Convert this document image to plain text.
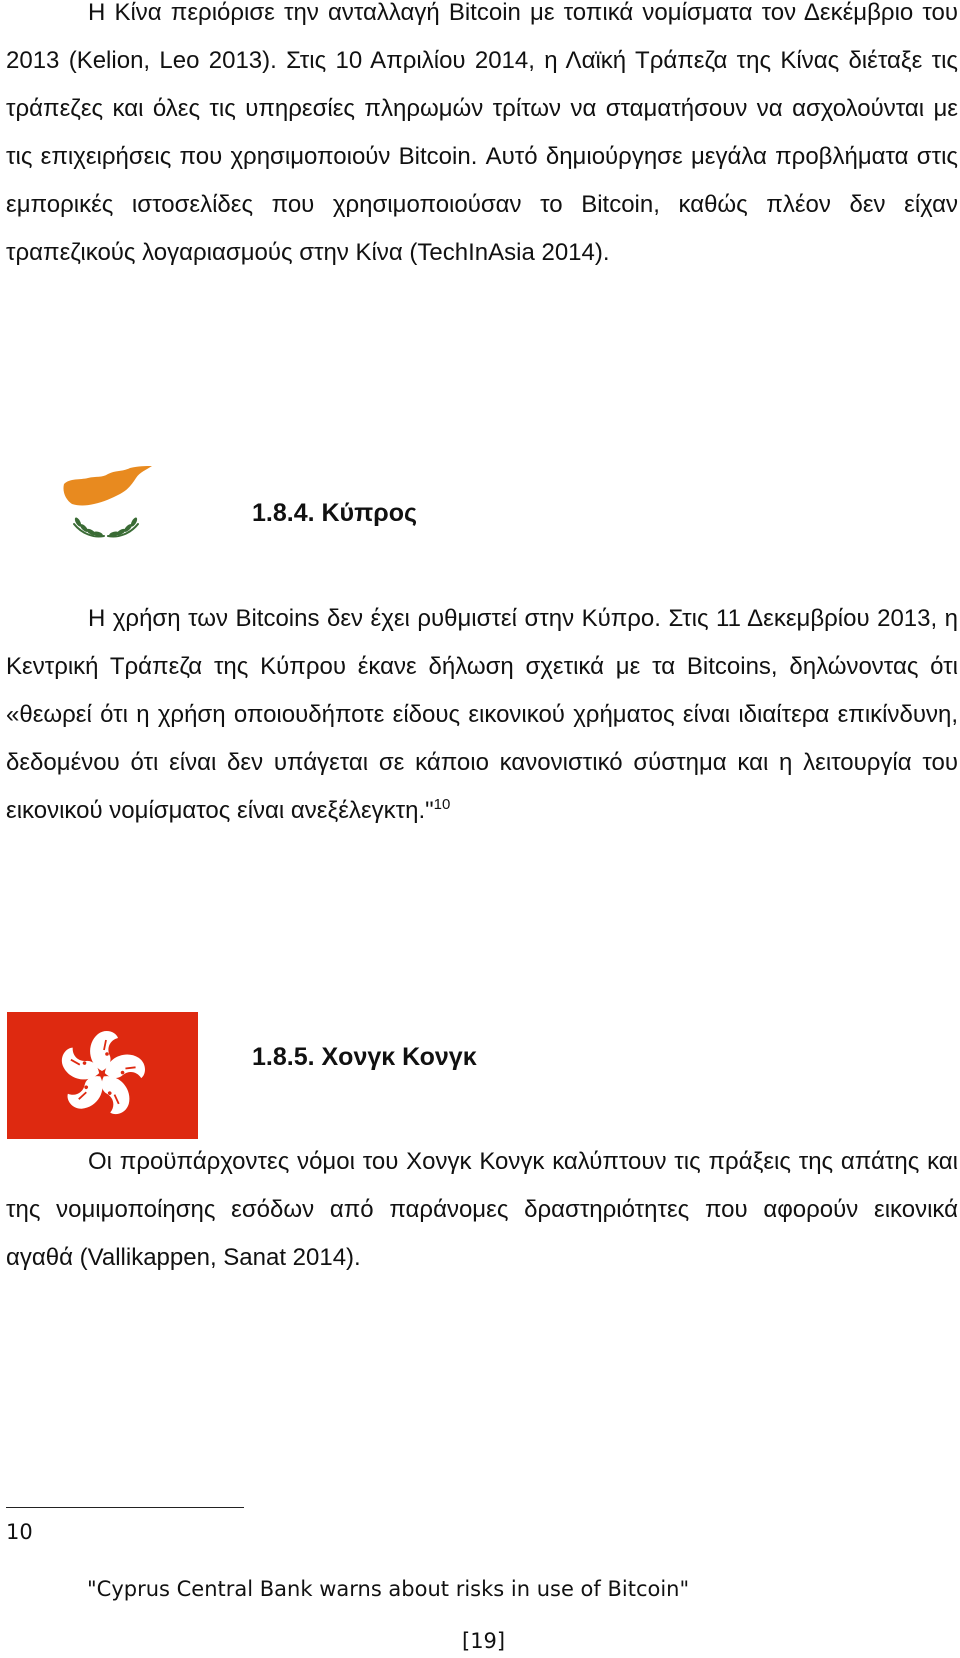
Η Κίνα περιόρισε την ανταλλαγή Bitcoin με τοπικά νομίσματα τον Δεκέμβριο του 2013 (Kelion, Leo 2013). Στις 10 Απριλίου 2014, η Λαϊκή Τράπεζα της Κίνας διέταξε τις τράπεζες και όλες τις υπηρεσίες πληρωμών τρίτων να σταματήσουν να ασχολούνται με τις επιχειρήσεις που χρησιμοποιούν Bitcoin. Αυτό δημιούργησε μεγάλα προβλήματα στις εμπορικές ιστοσελίδες που χρησιμοποιούσαν το Bitcoin, καθώς πλέον δεν είχαν τραπεζικούς λογαριασμούς στην Κίνα (TechInAsia 2014).

1.8.4. Κύπρος

Η χρήση των Bitcoins δεν έχει ρυθμιστεί στην Κύπρο. Στις 11 Δεκεμβρίου 2013, η Κεντρική Τράπεζα της Κύπρου έκανε δήλωση σχετικά με τα Bitcoins, δηλώνοντας ότι «θεωρεί ότι η χρήση οποιουδήποτε είδους εικονικού χρήματος είναι ιδιαίτερα επικίνδυνη, δεδομένου ότι είναι δεν υπάγεται σε κάποιο κανονιστικό σύστημα και η λειτουργία του εικονικού νομίσματος είναι ανεξέλεγκτη."$^{10}$

1.8.5. Χονγκ Κονγκ

Οι προϋπάρχοντες νόμοι του Χονγκ Κονγκ καλύπτουν τις πράξεις της απάτης και της νομιμοποίησης εσόδων από παράνομες δραστηριότητες που αφορούν εικονικά αγαθά (Vallikappen, Sanat 2014).

10
"Cyprus Central Bank warns about risks in use of Bitcoin"
[19]
